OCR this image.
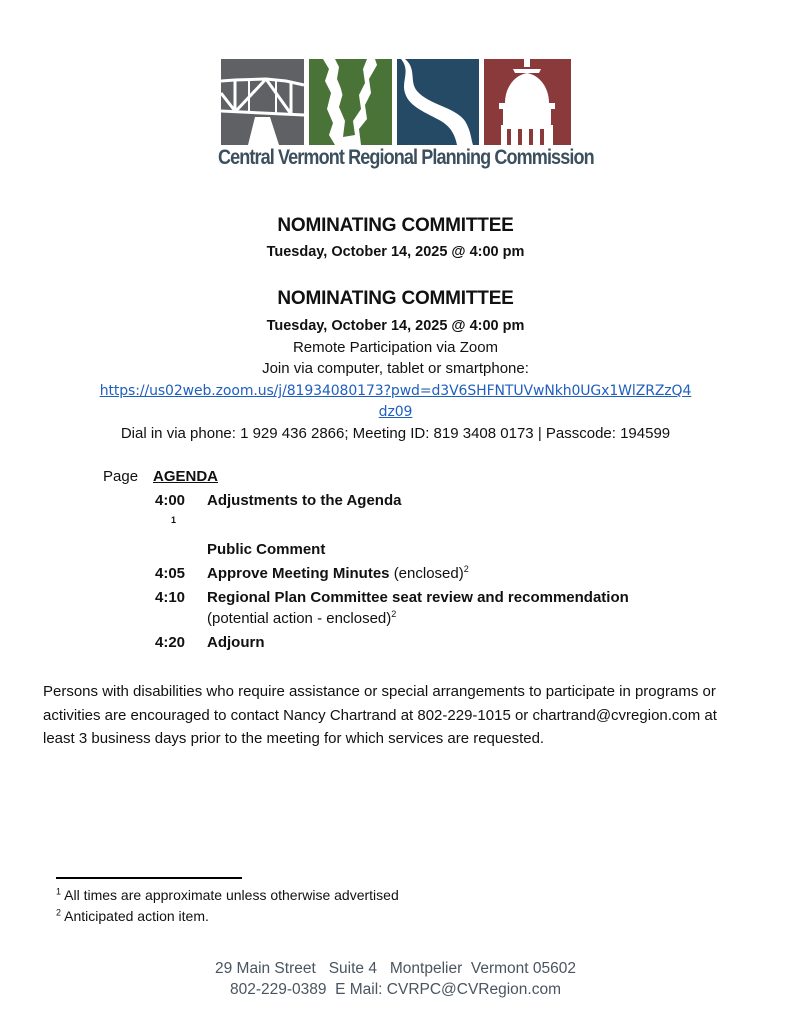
Central Vermont Regional Planning Commission
NOMINATING COMMITTEE
Tuesday, October 14, 2025 @ 4:00 pm
NOMINATING COMMITTEE
Tuesday, October 14, 2025 @ 4:00 pm
Remote Participation via Zoom
Join via computer, tablet or smartphone:
https://us02web.zoom.us/j/81934080173?pwd=d3V6SHFNTUVwNkh0UGx1WlZRZzQ4
dz09
Dial in via phone: 1 929 436 2866; Meeting ID: 819 3408 0173 | Passcode: 194599
Page AGENDA
4:00 Adjustments to the Agenda
1
Public Comment
4:05 Approve Meeting Minutes (enclosed)$^2$
4:10 Regional Plan Committee seat review and recommendation
(potential action - enclosed)$^2$
4:20 Adjourn
Persons with disabilities who require assistance or special arrangements to participate in programs or activities are encouraged to contact Nancy Chartrand at 802-229-1015 or chartrand@cvregion.com at least 3 business days prior to the meeting for which services are requested.
$^1$ All times are approximate unless otherwise advertised
$^2$ Anticipated action item.
29 Main Street   Suite 4   Montpelier  Vermont 05602
802-229-0389  E Mail: CVRPC@CVRegion.com
